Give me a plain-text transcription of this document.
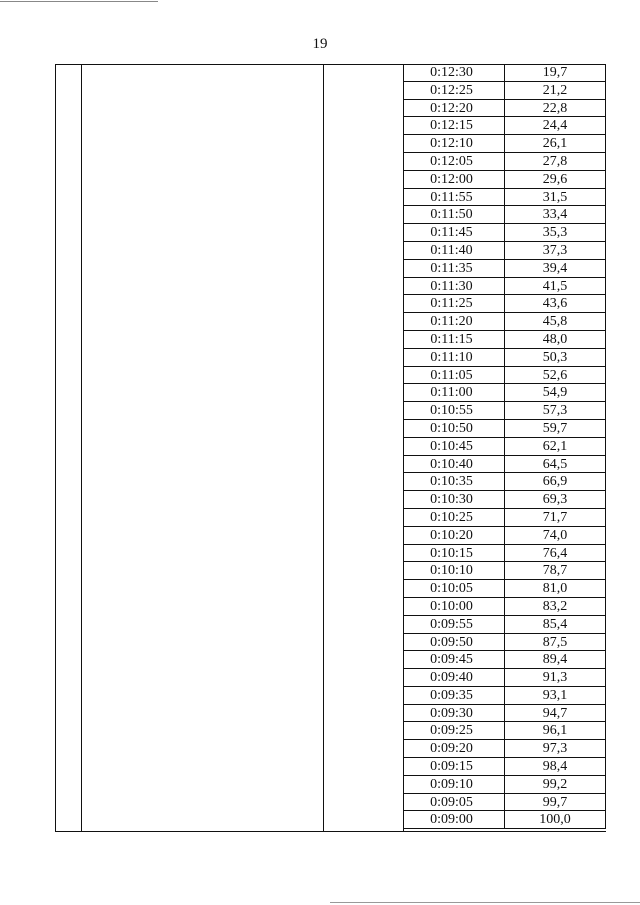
19
0:12:30	19,7
0:12:25	21,2
0:12:20	22,8
0:12:15	24,4
0:12:10	26,1
0:12:05	27,8
0:12:00	29,6
0:11:55	31,5
0:11:50	33,4
0:11:45	35,3
0:11:40	37,3
0:11:35	39,4
0:11:30	41,5
0:11:25	43,6
0:11:20	45,8
0:11:15	48,0
0:11:10	50,3
0:11:05	52,6
0:11:00	54,9
0:10:55	57,3
0:10:50	59,7
0:10:45	62,1
0:10:40	64,5
0:10:35	66,9
0:10:30	69,3
0:10:25	71,7
0:10:20	74,0
0:10:15	76,4
0:10:10	78,7
0:10:05	81,0
0:10:00	83,2
0:09:55	85,4
0:09:50	87,5
0:09:45	89,4
0:09:40	91,3
0:09:35	93,1
0:09:30	94,7
0:09:25	96,1
0:09:20	97,3
0:09:15	98,4
0:09:10	99,2
0:09:05	99,7
0:09:00	100,0
